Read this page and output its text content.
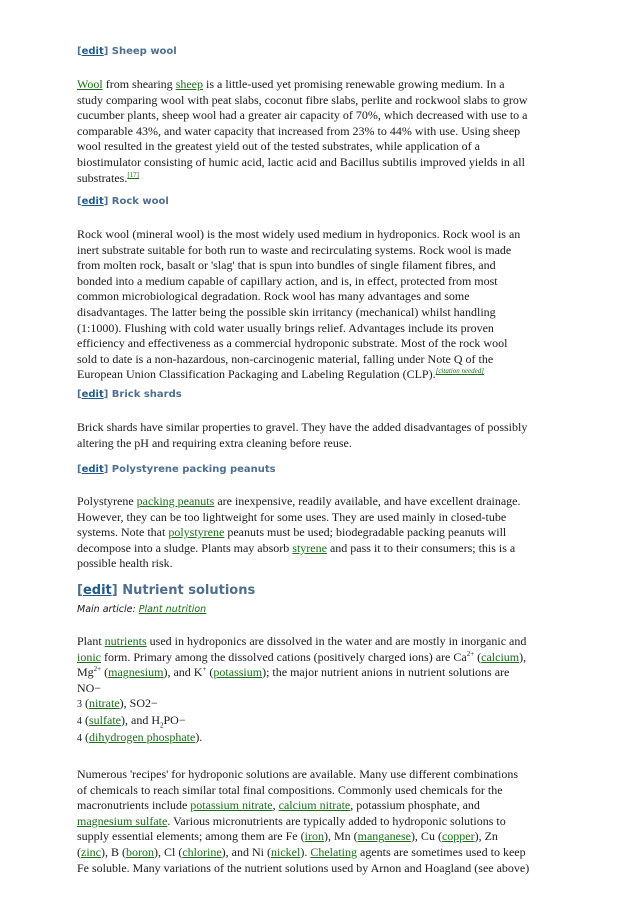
[edit] Sheep wool
Wool from shearing sheep is a little-used yet promising renewable growing medium. In a
study comparing wool with peat slabs, coconut fibre slabs, perlite and rockwool slabs to grow
cucumber plants, sheep wool had a greater air capacity of 70%, which decreased with use to a
comparable 43%, and water capacity that increased from 23% to 44% with use. Using sheep
wool resulted in the greatest yield out of the tested substrates, while application of a
biostimulator consisting of humic acid, lactic acid and Bacillus subtilis improved yields in all
substrates.[17]
[edit] Rock wool
Rock wool (mineral wool) is the most widely used medium in hydroponics. Rock wool is an
inert substrate suitable for both run to waste and recirculating systems. Rock wool is made
from molten rock, basalt or 'slag' that is spun into bundles of single filament fibres, and
bonded into a medium capable of capillary action, and is, in effect, protected from most
common microbiological degradation. Rock wool has many advantages and some
disadvantages. The latter being the possible skin irritancy (mechanical) whilst handling
(1:1000). Flushing with cold water usually brings relief. Advantages include its proven
efficiency and effectiveness as a commercial hydroponic substrate. Most of the rock wool
sold to date is a non-hazardous, non-carcinogenic material, falling under Note Q of the
European Union Classification Packaging and Labeling Regulation (CLP).[citation needed]
[edit] Brick shards
Brick shards have similar properties to gravel. They have the added disadvantages of possibly
altering the pH and requiring extra cleaning before reuse.
[edit] Polystyrene packing peanuts
Polystyrene packing peanuts are inexpensive, readily available, and have excellent drainage.
However, they can be too lightweight for some uses. They are used mainly in closed-tube
systems. Note that polystyrene peanuts must be used; biodegradable packing peanuts will
decompose into a sludge. Plants may absorb styrene and pass it to their consumers; this is a
possible health risk.
[edit] Nutrient solutions
Main article: Plant nutrition
Plant nutrients used in hydroponics are dissolved in the water and are mostly in inorganic and
ionic form. Primary among the dissolved cations (positively charged ions) are $Ca^{2+}$ (calcium),
$Mg^{2+}$ (magnesium), and K+ (potassium); the major nutrient anions in nutrient solutions are
NO−
3 (nitrate), SO2−
4 (sulfate), and $H_2PO-$
4 (dihydrogen phosphate).
Numerous 'recipes' for hydroponic solutions are available. Many use different combinations
of chemicals to reach similar total final compositions. Commonly used chemicals for the
macronutrients include potassium nitrate, calcium nitrate, potassium phosphate, and
magnesium sulfate. Various micronutrients are typically added to hydroponic solutions to
supply essential elements; among them are Fe (iron), Mn (manganese), Cu (copper), Zn
(zinc), B (boron), Cl (chlorine), and Ni (nickel). Chelating agents are sometimes used to keep
Fe soluble. Many variations of the nutrient solutions used by Arnon and Hoagland (see above)
